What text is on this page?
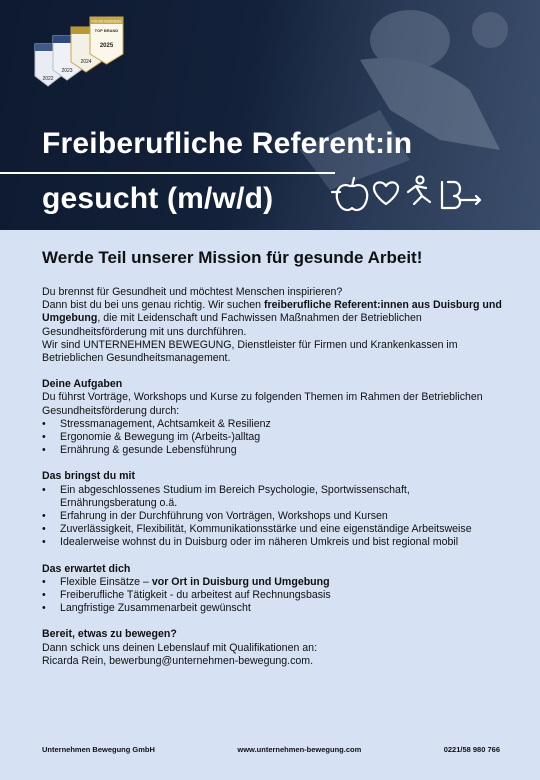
2022
2023
2024
FOCUS BUSINESS
TOP BRAND
2025
Freiberufliche Referent:in
gesucht (m/w/d)
Werde Teil unserer Mission für gesunde Arbeit!

Du brennst für Gesundheit und möchtest Menschen inspirieren?

Dann bist du bei uns genau richtig. Wir suchen freiberufliche Referent:innen aus Duisburg und Umgebung, die mit Leidenschaft und Fachwissen Maßnahmen der Betrieblichen Gesundheitsförderung mit uns durchführen.

Wir sind UNTERNEHMEN BEWEGUNG, Dienstleister für Firmen und Krankenkassen im Betrieblichen Gesundheitsmanagement.

Deine Aufgaben

Du führst Vorträge, Workshops und Kurse zu folgenden Themen im Rahmen der Betrieblichen Gesundheitsförderung durch:

• Stressmanagement, Achtsamkeit & Resilienz
• Ergonomie & Bewegung im (Arbeits-)alltag
• Ernährung & gesunde Lebensführung
Das bringst du mit
• Ein abgeschlossenes Studium im Bereich Psychologie, Sportwissenschaft, Ernährungsberatung o.ä.
• Erfahrung in der Durchführung von Vorträgen, Workshops und Kursen
• Zuverlässigkeit, Flexibilität, Kommunikationsstärke und eine eigenständige Arbeitsweise
• Idealerweise wohnst du in Duisburg oder im näheren Umkreis und bist regional mobil
Das erwartet dich
• Flexible Einsätze – vor Ort in Duisburg und Umgebung
• Freiberufliche Tätigkeit - du arbeitest auf Rechnungsbasis
• Langfristige Zusammenarbeit gewünscht
Bereit, etwas zu bewegen?

Dann schick uns deinen Lebenslauf mit Qualifikationen an:

Ricarda Rein, bewerbung@unternehmen-bewegung.com.

Unternehmen Bewegung GmbH	www.unternehmen-bewegung.com	0221/58 980 766
